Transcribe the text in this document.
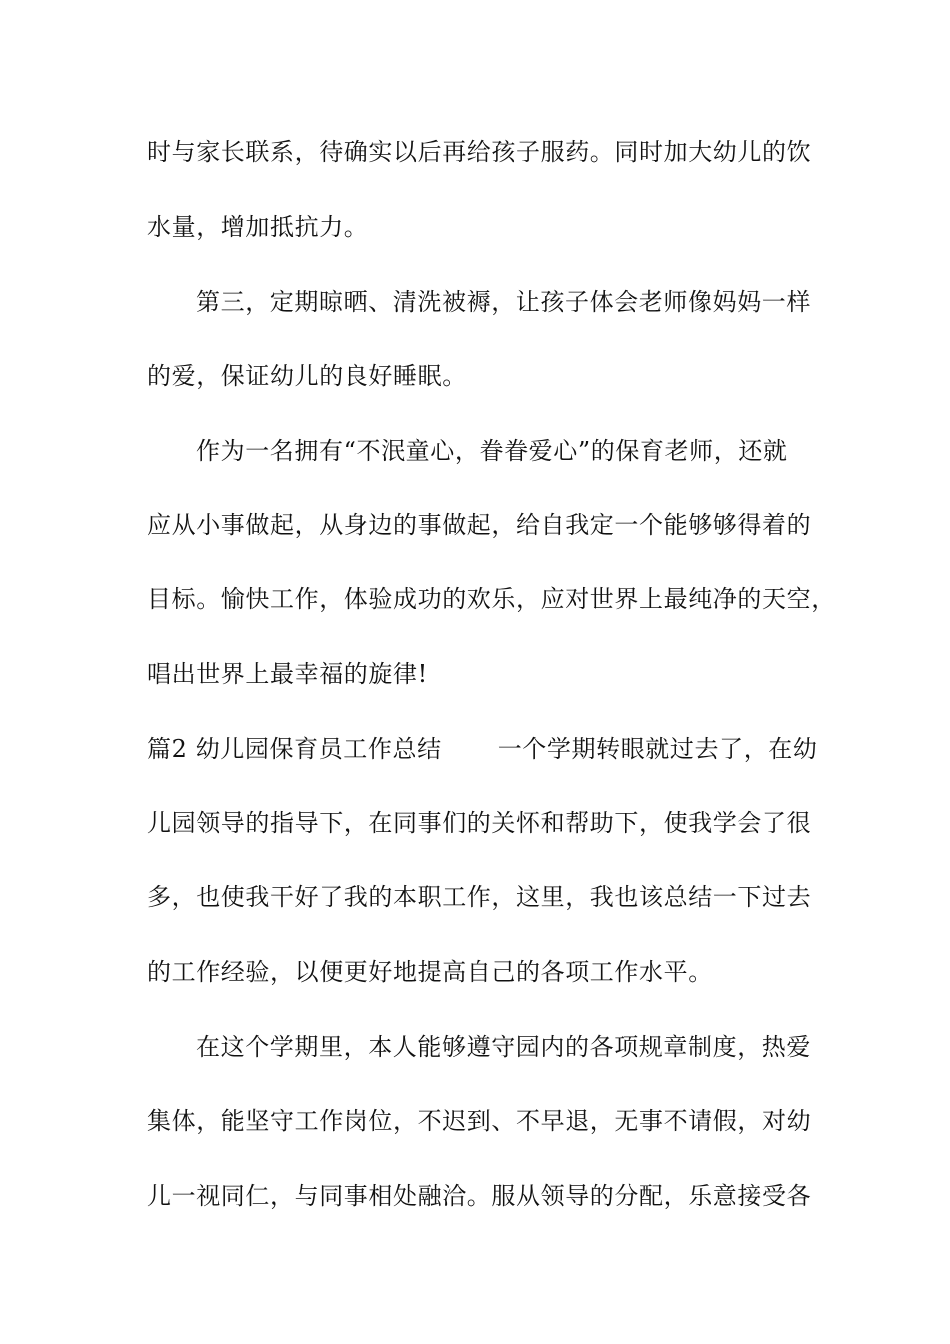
时与家长联系，待确实以后再给孩子服药。同时加大幼儿的饮
水量，增加抵抗力。
第三，定期晾晒、清洗被褥，让孩子体会老师像妈妈一样
的爱，保证幼儿的良好睡眠。
作为一名拥有“不泯童心，眷眷爱心”的保育老师，还就
应从小事做起，从身边的事做起，给自我定一个能够够得着的
目标。愉快工作，体验成功的欢乐，应对世界上最纯净的天空，
唱出世界上最幸福的旋律!
篇2 幼儿园保育员工作总结 一个学期转眼就过去了，在幼
儿园领导的指导下，在同事们的关怀和帮助下，使我学会了很
多，也使我干好了我的本职工作，这里，我也该总结一下过去
的工作经验，以便更好地提高自己的各项工作水平。
在这个学期里，本人能够遵守园内的各项规章制度，热爱
集体，能坚守工作岗位，不迟到、不早退，无事不请假，对幼
儿一视同仁，与同事相处融洽。服从领导的分配，乐意接受各
